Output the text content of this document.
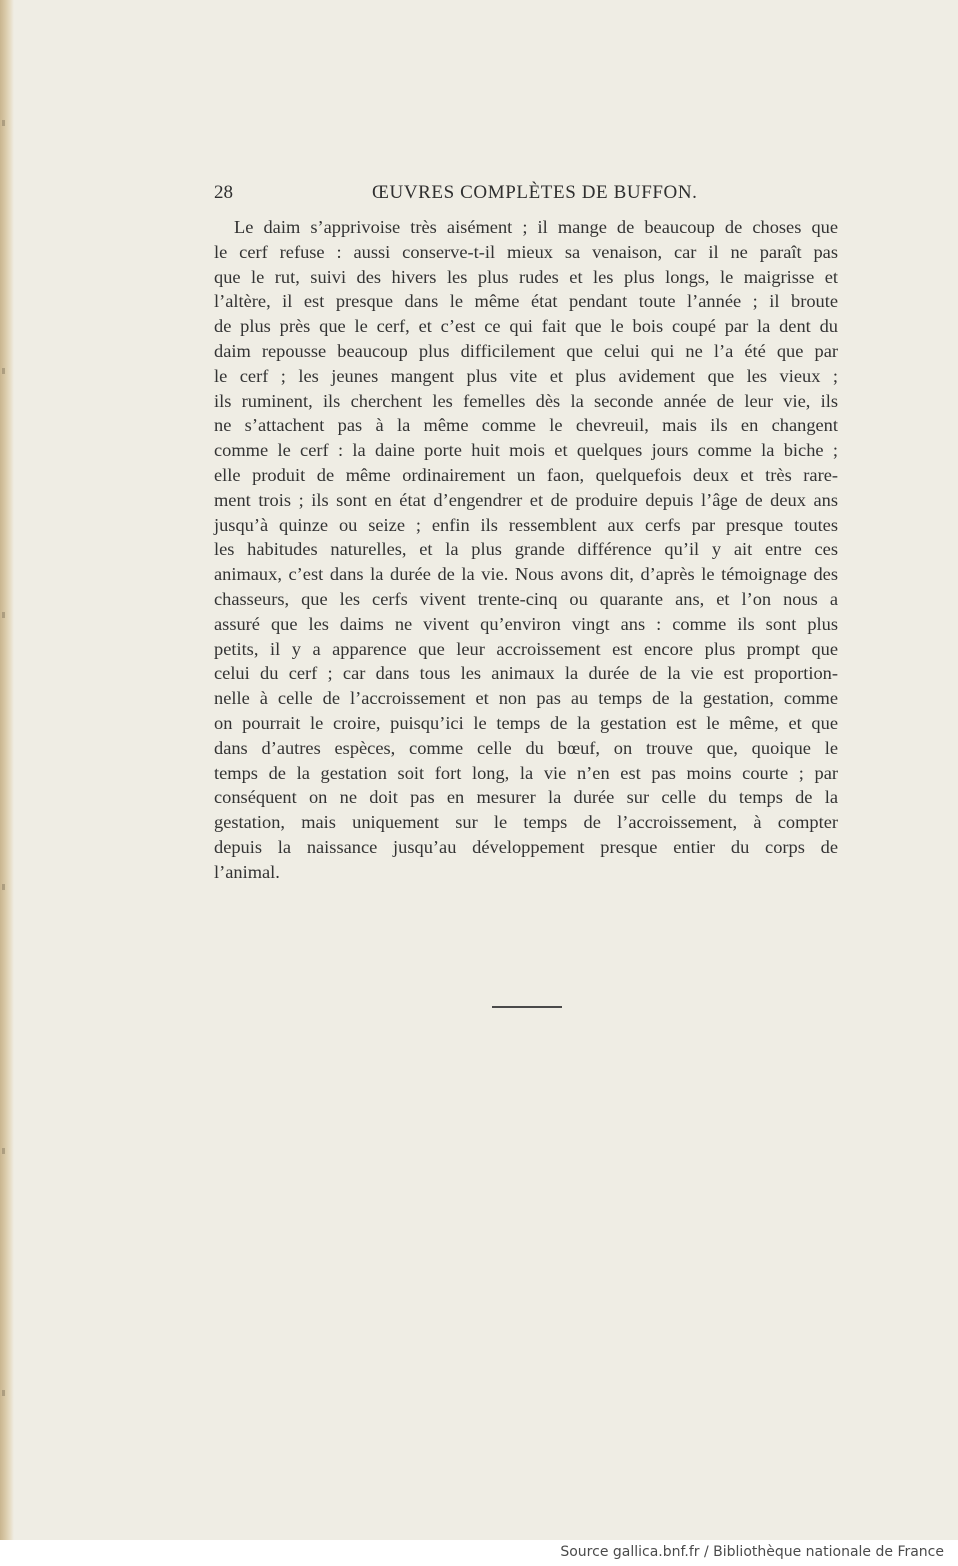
28	ŒUVRES COMPLÈTES DE BUFFON.
Le daim s’apprivoise très aisément ; il mange de beaucoup de choses que
le cerf refuse : aussi conserve-t-il mieux sa venaison, car il ne paraît pas
que le rut, suivi des hivers les plus rudes et les plus longs, le maigrisse et
l’altère, il est presque dans le même état pendant toute l’année ; il broute
de plus près que le cerf, et c’est ce qui fait que le bois coupé par la dent du
daim repousse beaucoup plus difficilement que celui qui ne l’a été que par
le cerf ; les jeunes mangent plus vite et plus avidement que les vieux ;
ils ruminent, ils cherchent les femelles dès la seconde année de leur vie, ils
ne s’attachent pas à la même comme le chevreuil, mais ils en changent
comme le cerf : la daine porte huit mois et quelques jours comme la biche ;
elle produit de même ordinairement un faon, quelquefois deux et très rare-
ment trois ; ils sont en état d’engendrer et de produire depuis l’âge de deux ans
jusqu’à quinze ou seize ; enfin ils ressemblent aux cerfs par presque toutes
les habitudes naturelles, et la plus grande différence qu’il y ait entre ces
animaux, c’est dans la durée de la vie. Nous avons dit, d’après le témoignage des
chasseurs, que les cerfs vivent trente-cinq ou quarante ans, et l’on nous a
assuré que les daims ne vivent qu’environ vingt ans : comme ils sont plus
petits, il y a apparence que leur accroissement est encore plus prompt que
celui du cerf ; car dans tous les animaux la durée de la vie est proportion-
nelle à celle de l’accroissement et non pas au temps de la gestation, comme
on pourrait le croire, puisqu’ici le temps de la gestation est le même, et que
dans d’autres espèces, comme celle du bœuf, on trouve que, quoique le
temps de la gestation soit fort long, la vie n’en est pas moins courte ; par
conséquent on ne doit pas en mesurer la durée sur celle du temps de la
gestation, mais uniquement sur le temps de l’accroissement, à compter
depuis la naissance jusqu’au développement presque entier du corps de
l’animal.
Source gallica.bnf.fr / Bibliothèque nationale de France
